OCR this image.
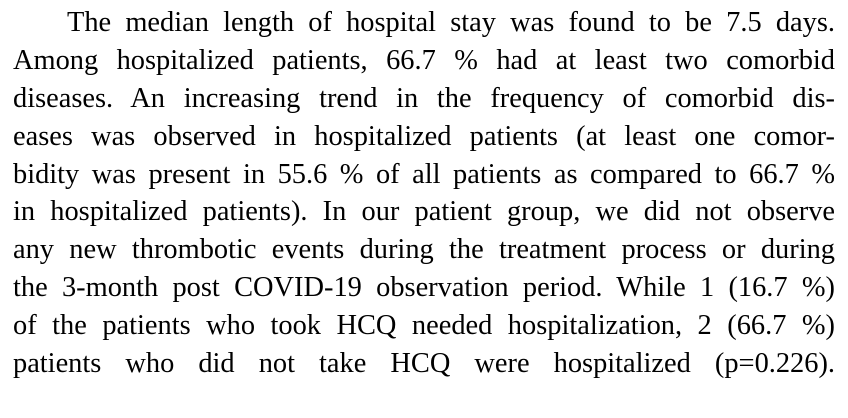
The median length of hospital stay was found to be 7.5 days.
Among hospitalized patients, 66.7 % had at least two comorbid
diseases. An increasing trend in the frequency of comorbid dis-
eases was observed in hospitalized patients (at least one comor-
bidity was present in 55.6 % of all patients as compared to 66.7 %
in hospitalized patients). In our patient group, we did not observe
any new thrombotic events during the treatment process or during
the 3-month post COVID-19 observation period. While 1 (16.7 %)
of the patients who took HCQ needed hospitalization, 2 (66.7 %)
patients who did not take HCQ were hospitalized (p=0.226).
